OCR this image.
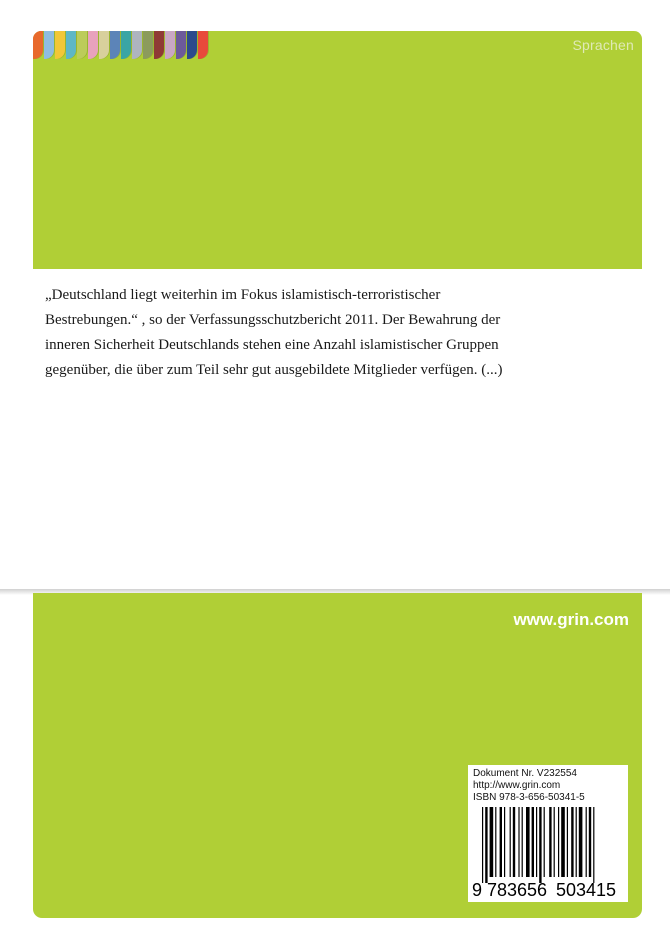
Sprachen
„Deutschland liegt weiterhin im Fokus islamistisch-terroristischer
Bestrebungen.“ , so der Verfassungsschutzbericht 2011. Der Bewahrung der
inneren Sicherheit Deutschlands stehen eine Anzahl islamistischer Gruppen
gegenüber, die über zum Teil sehr gut ausgebildete Mitglieder verfügen. (...)
www.grin.com
Dokument Nr. V232554
http://www.grin.com
ISBN 978-3-656-50341-5
9 783656 503415
